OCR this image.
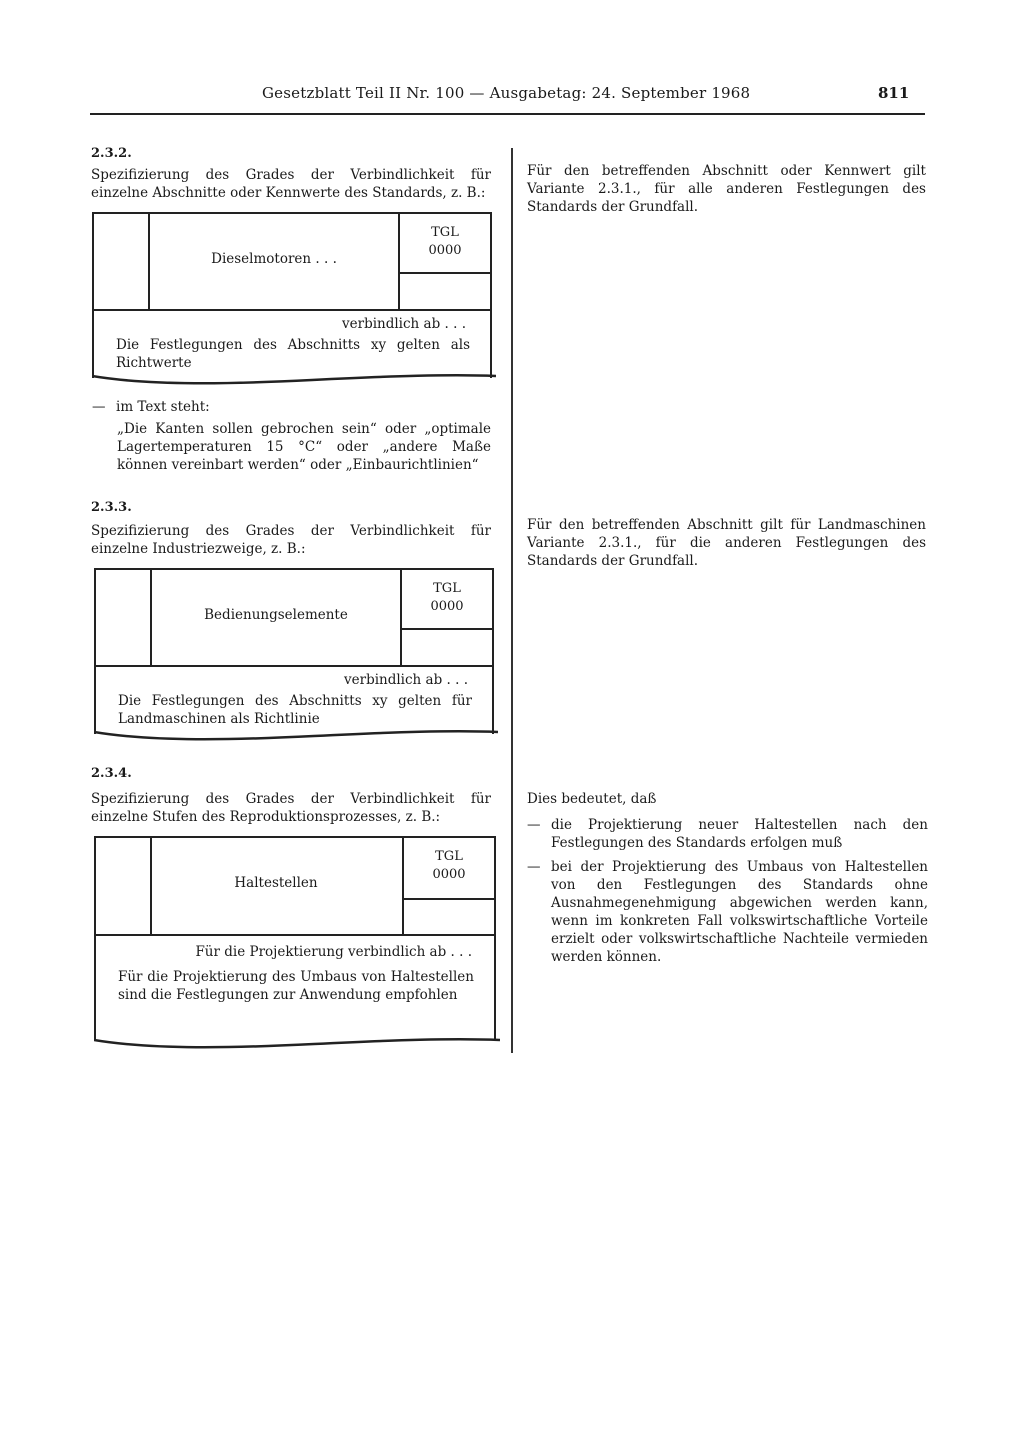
Gesetzblatt Teil II Nr. 100 — Ausgabetag: 24. September 1968	811
2.3.2.
Spezifizierung des Grades der Verbindlichkeit für einzelne Abschnitte oder Kennwerte des Standards, z. B.:
Dieselmotoren . . .
TGL
0000
verbindlich ab . . .
Die Festlegungen des Abschnitts xy gelten als Richtwerte
— im Text steht:
„Die Kanten sollen gebrochen sein“ oder „optimale Lagertemperaturen 15 °C“ oder „andere Maße können vereinbart werden“ oder „Einbaurichtlinien“
2.3.3.
Spezifizierung des Grades der Verbindlichkeit für einzelne Industriezweige, z. B.:
Bedienungselemente
TGL
0000
verbindlich ab . . .
Die Festlegungen des Abschnitts xy gelten für Landmaschinen als Richtlinie
2.3.4.
Spezifizierung des Grades der Verbindlichkeit für einzelne Stufen des Reproduktionsprozesses, z. B.:
Haltestellen
TGL
0000
Für die Projektierung verbindlich ab . . .
Für die Projektierung des Umbaus von Haltestellen sind die Festlegungen zur Anwendung empfohlen
Für den betreffenden Abschnitt oder Kennwert gilt Variante 2.3.1., für alle anderen Festlegungen des Standards der Grundfall.
Für den betreffenden Abschnitt gilt für Landmaschinen Variante 2.3.1., für die anderen Festlegungen des Standards der Grundfall.
Dies bedeutet, daß
— die Projektierung neuer Haltestellen nach den Festlegungen des Standards erfolgen muß
— bei der Projektierung des Umbaus von Haltestellen von den Festlegungen des Standards ohne Ausnahmegenehmigung abgewichen werden kann, wenn im konkreten Fall volkswirtschaftliche Vorteile erzielt oder volkswirtschaftliche Nachteile vermieden werden können.
